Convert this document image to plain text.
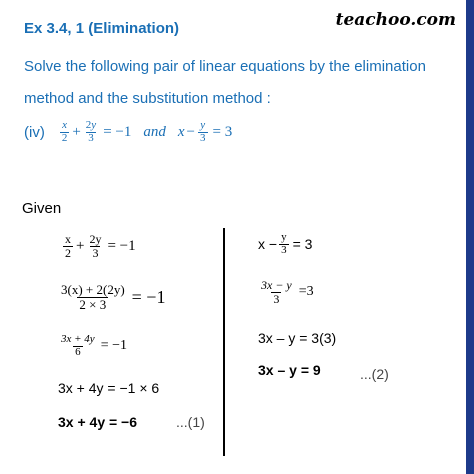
Ex 3.4, 1 (Elimination)	teachoo.com
Solve the following pair of linear equations by the elimination
method and the substitution method :
$(iv) \frac{x}{2} + \frac{2y}{3} = -1$ and $x - \frac{y}{3} = 3$
Given
$\frac{x}{2} + \frac{2y}{3} = -1$
$\frac{3(x) + 2(2y)}{2 \times 3} = -1$
$\frac{3x + 4y}{6} = -1$
3x + 4y = −1 × 6
3x + 4y = −6	...(1)
$x - \frac{y}{3} = 3$
$\frac{3x - y}{3} =3$
3x – y = 3(3)
3x – y = 9	...(2)
